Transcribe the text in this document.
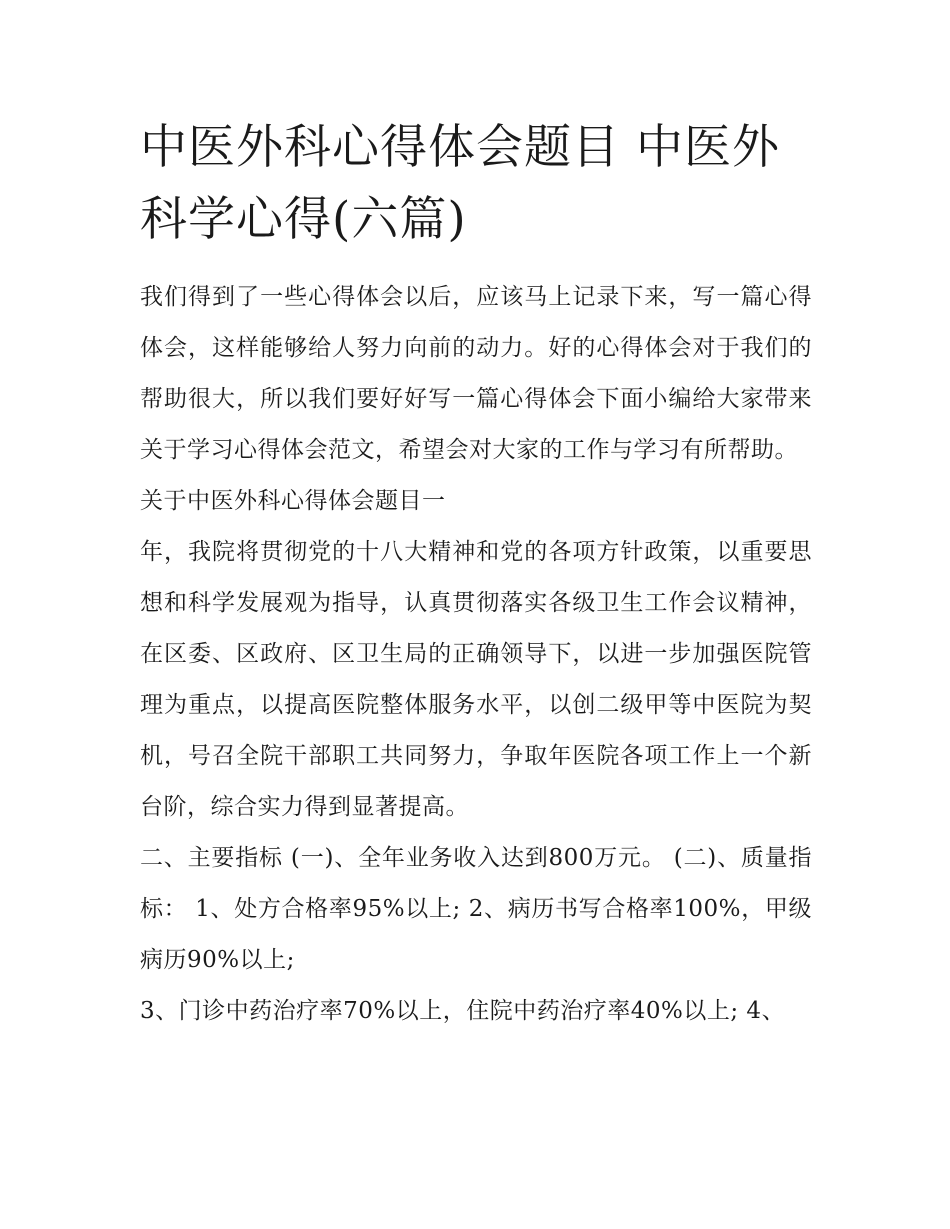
中医外科心得体会题目 中医外科学心得(六篇)

我们得到了一些心得体会以后，应该马上记录下来，写一篇心得体会，这样能够给人努力向前的动力。好的心得体会对于我们的帮助很大，所以我们要好好写一篇心得体会下面小编给大家带来关于学习心得体会范文，希望会对大家的工作与学习有所帮助。

关于中医外科心得体会题目一

年，我院将贯彻党的十八大精神和党的各项方针政策，以重要思想和科学发展观为指导，认真贯彻落实各级卫生工作会议精神，在区委、区政府、区卫生局的正确领导下，以进一步加强医院管理为重点，以提高医院整体服务水平，以创二级甲等中医院为契机，号召全院干部职工共同努力，争取年医院各项工作上一个新台阶，综合实力得到显著提高。

二、主要指标 (一)、全年业务收入达到800万元。 (二)、质量指标： 1、处方合格率95%以上; 2、病历书写合格率100%，甲级病历90%以上;

3、门诊中药治疗率70%以上，住院中药治疗率40%以上; 4、
